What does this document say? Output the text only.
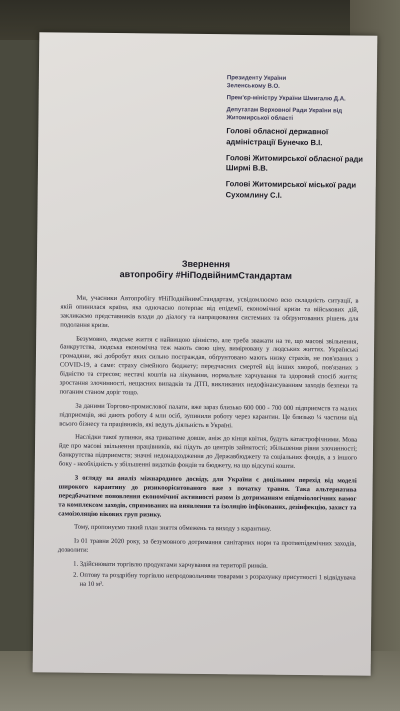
Президенту України
Зеленському В.О.
Прем'єр-міністру України Шмигалю Д.А.
Депутатам Верховної Ради України від Житомирської області
Голові обласної державної адміністрації Бунечко В.І.
Голові Житомирської обласної ради Ширмі В.В.
Голові Житомирської міської ради Сухомлину С.І.
Звернення
автопробігу #НіПодвійнимСтандартам

Ми, учасники Автопробігу #НіПодвійнимСтандартам, усвідомлюємо всю складність ситуації, в якій опинилася країна, яка одночасно потерпає від епідемії, економічної кризи та військових дій, закликаємо представників влади до діалогу та напрацювання системних та обґрунтованих рішень для подолання кризи.

Безумовно, людське життя є найвищою цінністю, але треба зважати на те, що масові звільнення, банкрутства, людська економічна теж мають свою ціну, вимірювану у людських життях. Українські громадяни, які добробут яких сильно постраждав, обґрунтовано мають низку страхів, не пов'язаних з COVID-19, а саме: страху сімейного бюджету; передчасних смертей від інших хвороб, пов'язаних з бідністю та стресом; нестачі коштів на лікування, нормальне харчування та здоровий спосіб життя; зростання злочинності, нещасних випадків та ДТП, викликаних недофінансуванням заходів безпеки та поганим станом доріг тощо.

За даними Торгово-промислової палати, вже зараз близько 600 000 - 700 000 підприємств та малих підприємців, які дають роботу 4 млн осіб, зупинили роботу через карантин. Це близько ¼ частини від всього бізнесу та працівників, які ведуть діяльність в Україні.

Наслідки такої зупинки, яка триватиме довше, аніж до кінця квітня, будуть катастрофічними. Мова йде про масові звільнення працівників, які підуть до центрів зайнятості; збільшення рівня злочинності; банкрутства підприємств; значні недонадходження до Державбюджету та соціальних фондів, а з іншого боку - необхідність у збільшенні видатків фондів та бюджету, на що відсутні кошти.

З огляду на аналіз міжнародного досвіду, для України є доцільним перехід від моделі широкого карантину до ризикоорієнтованого вже з початку травня. Така альтернатива передбачатиме поновлення економічної активності разом із дотриманням епідеміологічних вимог та комплексом заходів, спрямованих на виявлення та ізоляцію інфікованих, дезінфекцію, захист та самоізоляцію вікових груп ризику.

Тому, пропонуємо такий план зняття обмежень та виходу з карантину.

Із 01 травня 2020 року, за безумовного дотримання санітарних норм та протиепідемічних заходів, дозволити:

1. Здійснювати торгівлю продуктами харчування на території ринків.
2. Оптову та роздрібну торгівлю непродовольчими товарами з розрахунку присутності 1 відвідувача на 10 м².
